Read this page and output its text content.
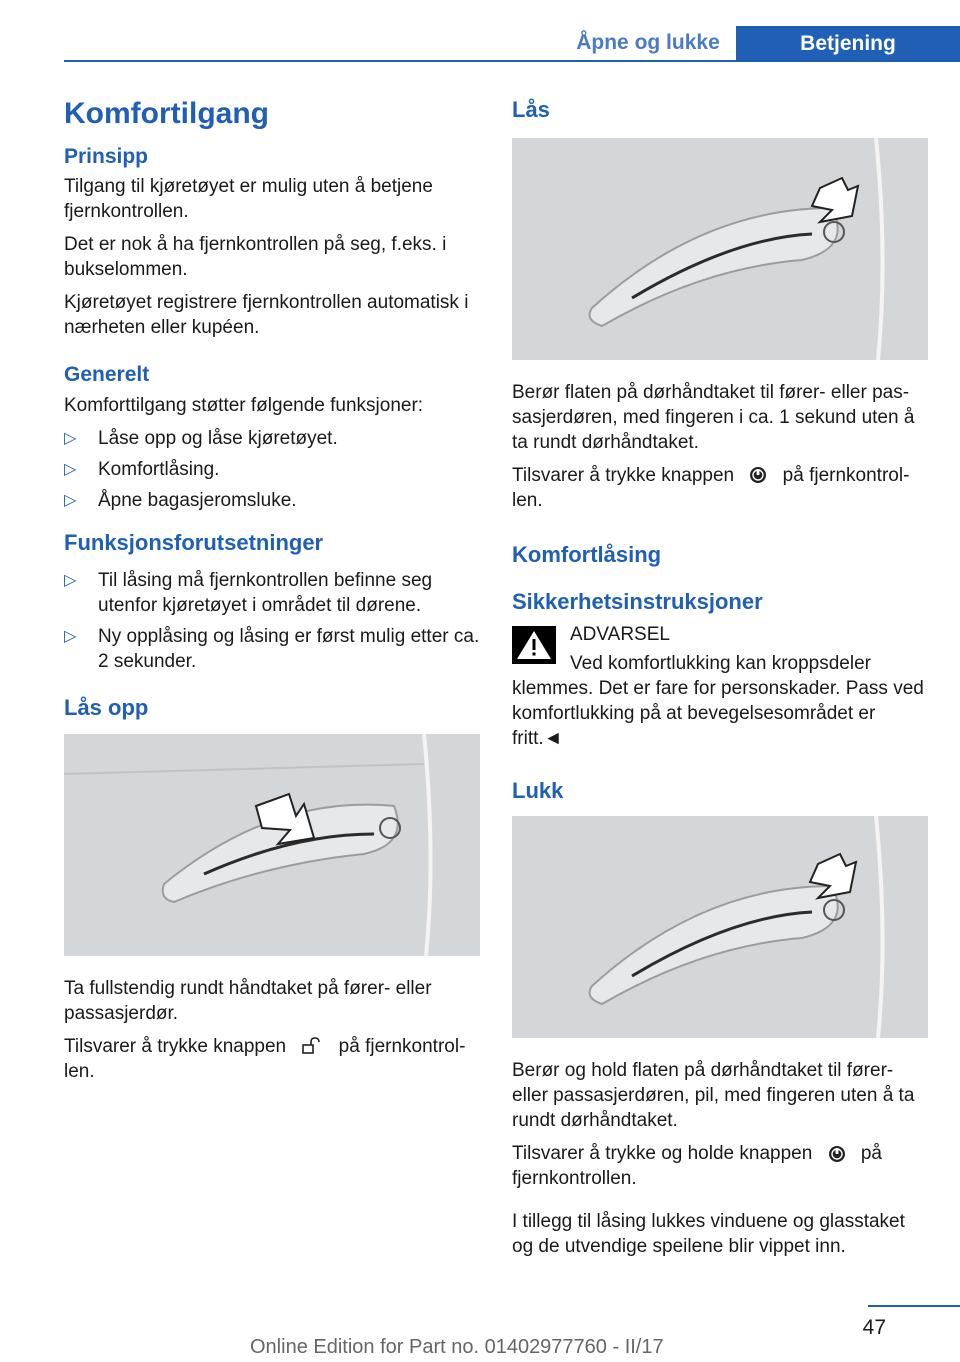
Åpne og lukke	Betjening
Komfortilgang
Prinsipp

Tilgang til kjøretøyet er mulig uten å betjene fjernkontrollen.

Det er nok å ha fjernkontrollen på seg, f.eks. i bukselommen.

Kjøretøyet registrere fjernkontrollen automatisk i nærheten eller kupéen.

Generelt

Komforttilgang støtter følgende funksjoner:

▷ Låse opp og låse kjøretøyet.
▷ Komfortlåsing.
▷ Åpne bagasjeromsluke.
Funksjonsforutsetninger
▷ Til låsing må fjernkontrollen befinne seg utenfor kjøretøyet i området til dørene.
▷ Ny opplåsing og låsing er først mulig etter ca. 2 sekunder.
Lås opp

Ta fullstendig rundt håndtaket på fører- eller passasjerdør.

Tilsvarer å trykke knappen	på fjernkontrollen.

Lås

Berør flaten på dørhåndtaket til fører- eller passasjerdøren, med fingeren i ca. 1 sekund uten å ta rundt dørhåndtaket.

Tilsvarer å trykke knappen	på fjernkontrollen.

Komfortlåsing
Sikkerhetsinstruksjoner

ADVARSEL

Ved komfortlukking kan kroppsdeler klemmes. Det er fare for personskader. Pass ved komfortlukking på at bevegelsesområdet er fritt.◄

Lukk

Berør og hold flaten på dørhåndtaket til fører- eller passasjerdøren, pil, med fingeren uten å ta rundt dørhåndtaket.

Tilsvarer å trykke og holde knappen	på fjernkontrollen.

I tillegg til låsing lukkes vinduene og glasstaket og de utvendige speilene blir vippet inn.

47
Online Edition for Part no. 01402977760 - II/17
